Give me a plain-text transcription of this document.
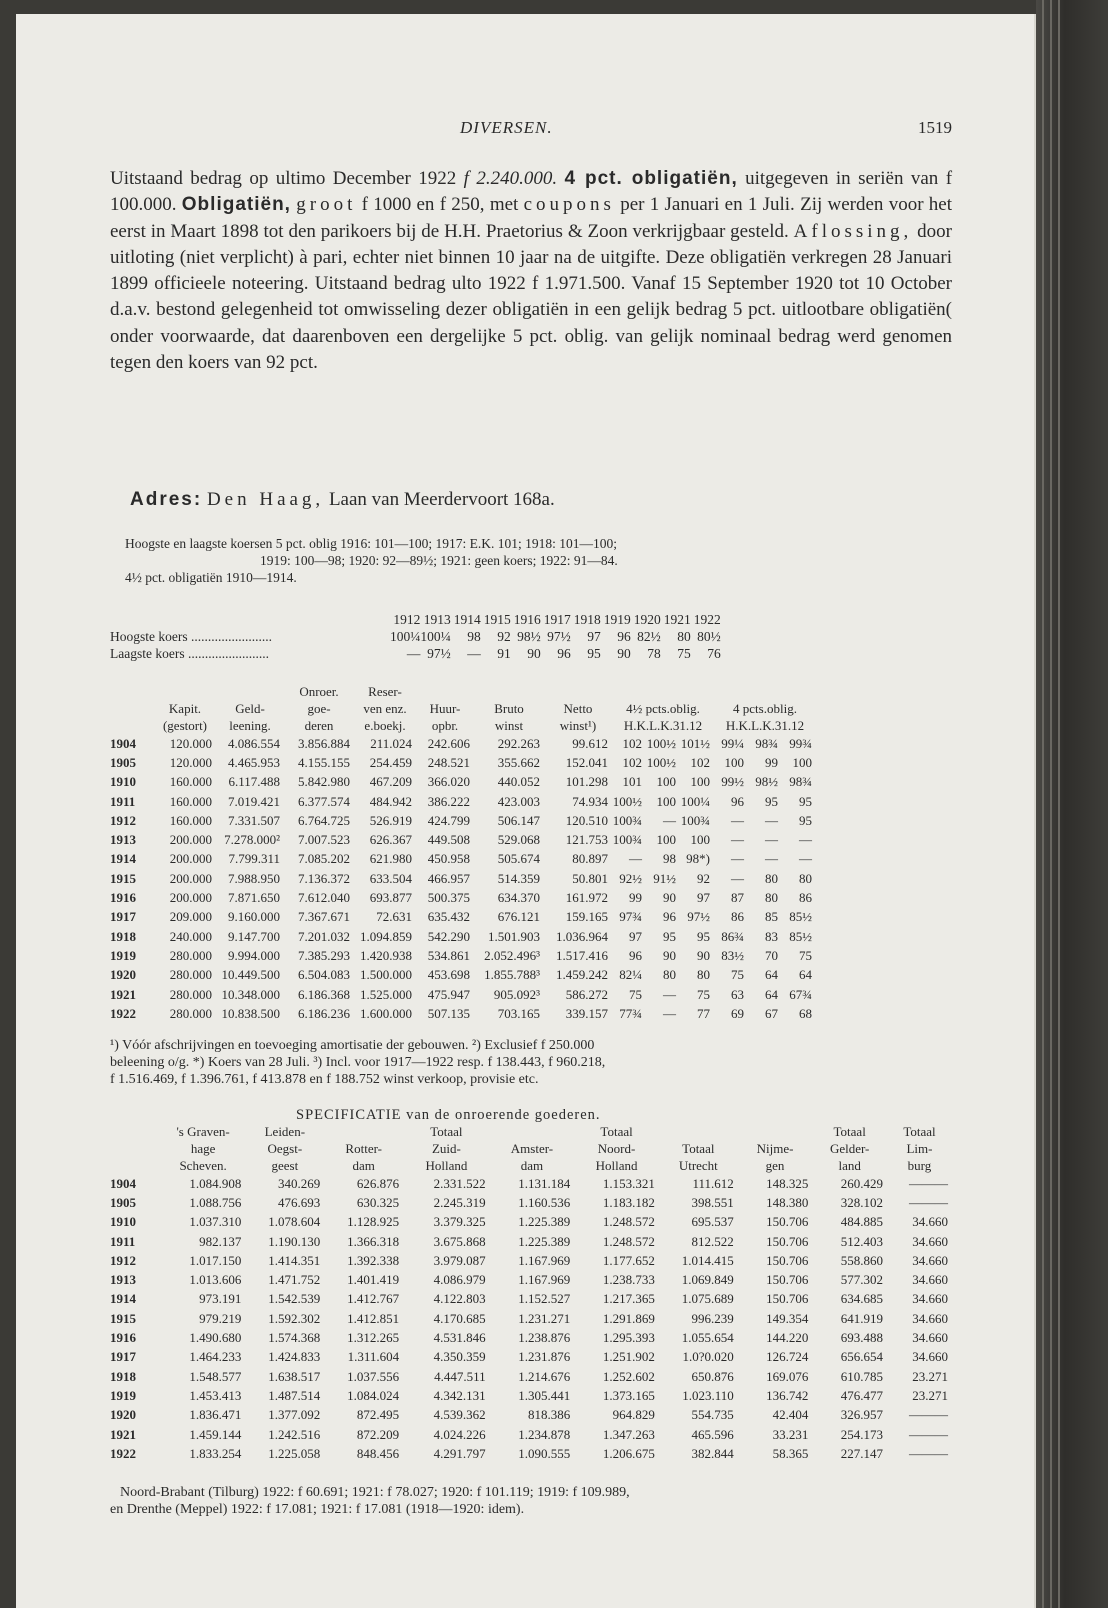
DIVERSEN.	1519
Uitstaand bedrag op ultimo December 1922 f 2.240.000. 4 pct. obligatiën, uitgegeven in seriën van f 100.000. Obligatiën, groot f 1000 en f 250, met coupons per 1 Januari en 1 Juli. Zij werden voor het eerst in Maart 1898 tot den parikoers bij de H.H. Praetorius & Zoon verkrijgbaar gesteld. Aflossing, door uitloting (niet verplicht) à pari, echter niet binnen 10 jaar na de uitgifte. Deze obligatiën verkregen 28 Januari 1899 officieele noteering. Uitstaand bedrag ulto 1922 f 1.971.500. Vanaf 15 September 1920 tot 10 October d.a.v. bestond gelegenheid tot omwisseling dezer obligatiën in een gelijk bedrag 5 pct. uitlootbare obligatiën( onder voorwaarde, dat daarenboven een dergelijke 5 pct. oblig. van gelijk nominaal bedrag werd genomen tegen den koers van 92 pct.
Adres: Den Haag, Laan van Meerdervoort 168a.
Hoogste en laagste koersen 5 pct. oblig 1916: 101—100; 1917: E.K. 101; 1918: 101—100;
1919: 100—98; 1920: 92—89½; 1921: geen koers; 1922: 91—84.
4½ pct. obligatiën 1910—1914.
	1912	1913	1914	1915	1916	1917	1918	1919	1920	1921	1922
Hoogste koers ........................	100¼	100¼	98	92	98½	97½	97	96	82½	80	80½
Laagste koers ........................	—	97½	—	91	90	96	95	90	78	75	76
			Onroer.	Reser-									
	Kapit.	Geld-	goe-	ven enz.	Huur-	Bruto	Netto	4½ pcts.oblig.			4 pcts.oblig.		
	(gestort)	leening.	deren	e.boekj.	opbr.	winst	winst¹)	H.K.L.K.31.12			H.K.L.K.31.12		
1904	120.000	4.086.554	3.856.884	211.024	242.606	292.263	99.612	102	100½	101½	99¼	98¾	99¾
1905	120.000	4.465.953	4.155.155	254.459	248.521	355.662	152.041	102	100½	102	100	99	100
1910	160.000	6.117.488	5.842.980	467.209	366.020	440.052	101.298	101	100	100	99½	98½	98¾
1911	160.000	7.019.421	6.377.574	484.942	386.222	423.003	74.934	100½	100	100¼	96	95	95
1912	160.000	7.331.507	6.764.725	526.919	424.799	506.147	120.510	100¾	—	100¾	—	—	95
1913	200.000	7.278.000²	7.007.523	626.367	449.508	529.068	121.753	100¾	100	100	—	—	—
1914	200.000	7.799.311	7.085.202	621.980	450.958	505.674	80.897	—	98	98*)	—	—	—
1915	200.000	7.988.950	7.136.372	633.504	466.957	514.359	50.801	92½	91½	92	—	80	80
1916	200.000	7.871.650	7.612.040	693.877	500.375	634.370	161.972	99	90	97	87	80	86
1917	209.000	9.160.000	7.367.671	72.631	635.432	676.121	159.165	97¾	96	97½	86	85	85½
1918	240.000	9.147.700	7.201.032	1.094.859	542.290	1.501.903	1.036.964	97	95	95	86¾	83	85½
1919	280.000	9.994.000	7.385.293	1.420.938	534.861	2.052.496³	1.517.416	96	90	90	83½	70	75
1920	280.000	10.449.500	6.504.083	1.500.000	453.698	1.855.788³	1.459.242	82¼	80	80	75	64	64
1921	280.000	10.348.000	6.186.368	1.525.000	475.947	905.092³	586.272	75	—	75	63	64	67¾
1922	280.000	10.838.500	6.186.236	1.600.000	507.135	703.165	339.157	77¾	—	77	69	67	68
¹) Vóór afschrijvingen en toevoeging amortisatie der gebouwen. ²) Exclusief f 250.000
beleening o/g. *) Koers van 28 Juli. ³) Incl. voor 1917—1922 resp. f 138.443, f 960.218,
f 1.516.469, f 1.396.761, f 413.878 en f 188.752 winst verkoop, provisie etc.
SPECIFICATIE van de onroerende goederen.
	's Graven-	Leiden-		Totaal		Totaal			Totaal	Totaal
	hage	Oegst-	Rotter-	Zuid-	Amster-	Noord-	Totaal	Nijme-	Gelder-	Lim-
	Scheven.	geest	dam	Holland	dam	Holland	Utrecht	gen	land	burg
1904	1.084.908	340.269	626.876	2.331.522	1.131.184	1.153.321	111.612	148.325	260.429	———
1905	1.088.756	476.693	630.325	2.245.319	1.160.536	1.183.182	398.551	148.380	328.102	———
1910	1.037.310	1.078.604	1.128.925	3.379.325	1.225.389	1.248.572	695.537	150.706	484.885	34.660
1911	982.137	1.190.130	1.366.318	3.675.868	1.225.389	1.248.572	812.522	150.706	512.403	34.660
1912	1.017.150	1.414.351	1.392.338	3.979.087	1.167.969	1.177.652	1.014.415	150.706	558.860	34.660
1913	1.013.606	1.471.752	1.401.419	4.086.979	1.167.969	1.238.733	1.069.849	150.706	577.302	34.660
1914	973.191	1.542.539	1.412.767	4.122.803	1.152.527	1.217.365	1.075.689	150.706	634.685	34.660
1915	979.219	1.592.302	1.412.851	4.170.685	1.231.271	1.291.869	996.239	149.354	641.919	34.660
1916	1.490.680	1.574.368	1.312.265	4.531.846	1.238.876	1.295.393	1.055.654	144.220	693.488	34.660
1917	1.464.233	1.424.833	1.311.604	4.350.359	1.231.876	1.251.902	1.0?0.020	126.724	656.654	34.660
1918	1.548.577	1.638.517	1.037.556	4.447.511	1.214.676	1.252.602	650.876	169.076	610.785	23.271
1919	1.453.413	1.487.514	1.084.024	4.342.131	1.305.441	1.373.165	1.023.110	136.742	476.477	23.271
1920	1.836.471	1.377.092	872.495	4.539.362	818.386	964.829	554.735	42.404	326.957	———
1921	1.459.144	1.242.516	872.209	4.024.226	1.234.878	1.347.263	465.596	33.231	254.173	———
1922	1.833.254	1.225.058	848.456	4.291.797	1.090.555	1.206.675	382.844	58.365	227.147	———
Noord-Brabant (Tilburg) 1922: f 60.691; 1921: f 78.027; 1920: f 101.119; 1919: f 109.989,
en Drenthe (Meppel) 1922: f 17.081; 1921: f 17.081 (1918—1920: idem).
